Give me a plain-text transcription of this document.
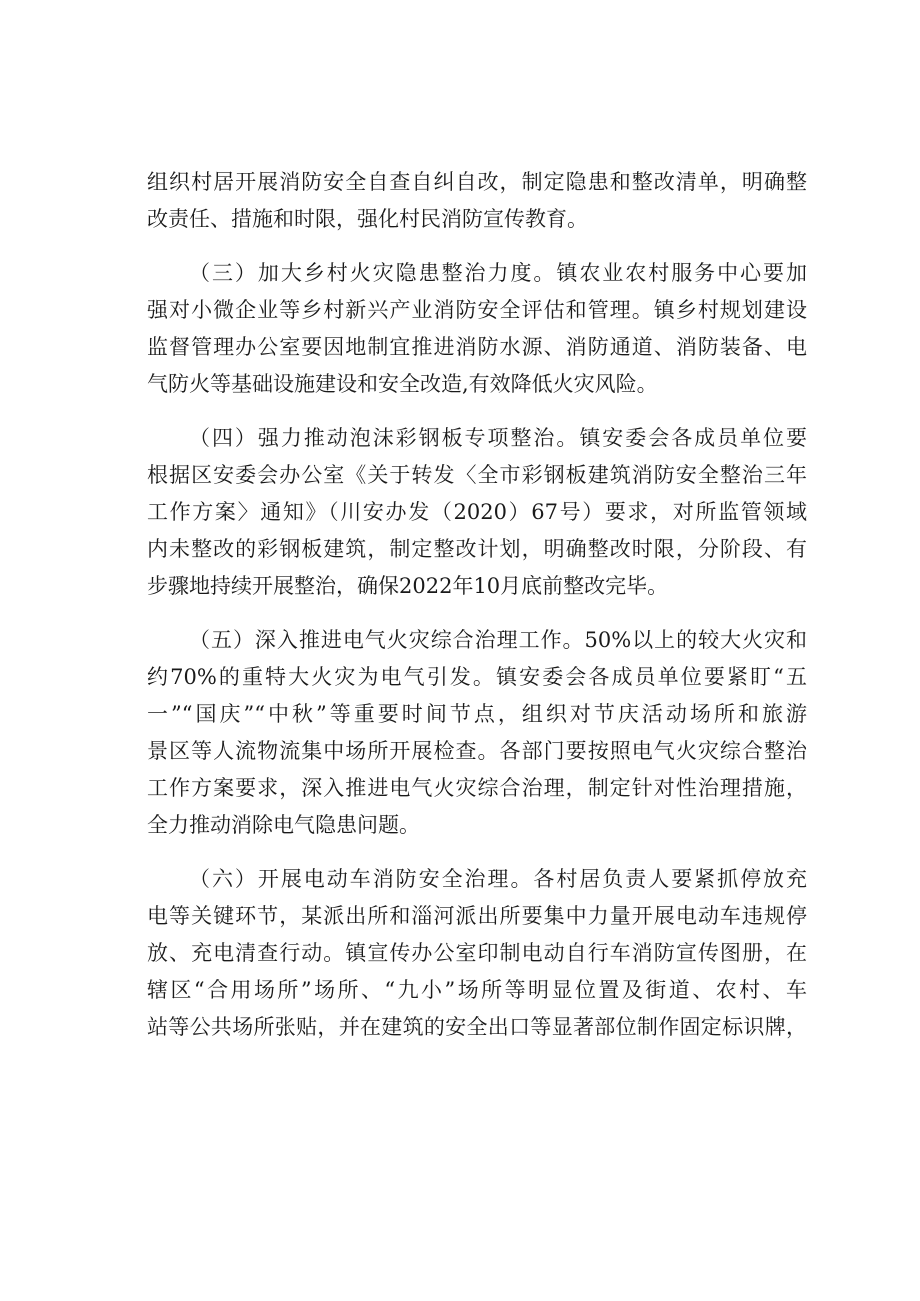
组织村居开展消防安全自查自纠自改，制定隐患和整改清单，明确整
改责任、措施和时限，强化村民消防宣传教育。
（三）加大乡村火灾隐患整治力度。镇农业农村服务中心要加
强对小微企业等乡村新兴产业消防安全评估和管理。镇乡村规划建设
监督管理办公室要因地制宜推进消防水源、消防通道、消防装备、电
气防火等基础设施建设和安全改造,有效降低火灾风险。
（四）强力推动泡沫彩钢板专项整治。镇安委会各成员单位要
根据区安委会办公室《关于转发〈全市彩钢板建筑消防安全整治三年
工作方案〉通知》（川安办发（2020）67号）要求，对所监管领域
内未整改的彩钢板建筑，制定整改计划，明确整改时限，分阶段、有
步骤地持续开展整治，确保2022年10月底前整改完毕。
（五）深入推进电气火灾综合治理工作。50%以上的较大火灾和
约70%的重特大火灾为电气引发。镇安委会各成员单位要紧盯“五
一”“国庆”“中秋”等重要时间节点，组织对节庆活动场所和旅游
景区等人流物流集中场所开展检查。各部门要按照电气火灾综合整治
工作方案要求，深入推进电气火灾综合治理，制定针对性治理措施，
全力推动消除电气隐患问题。
（六）开展电动车消防安全治理。各村居负责人要紧抓停放充
电等关键环节，某派出所和淄河派出所要集中力量开展电动车违规停
放、充电清查行动。镇宣传办公室印制电动自行车消防宣传图册，在
辖区“合用场所”场所、“九小”场所等明显位置及街道、农村、车
站等公共场所张贴，并在建筑的安全出口等显著部位制作固定标识牌，
